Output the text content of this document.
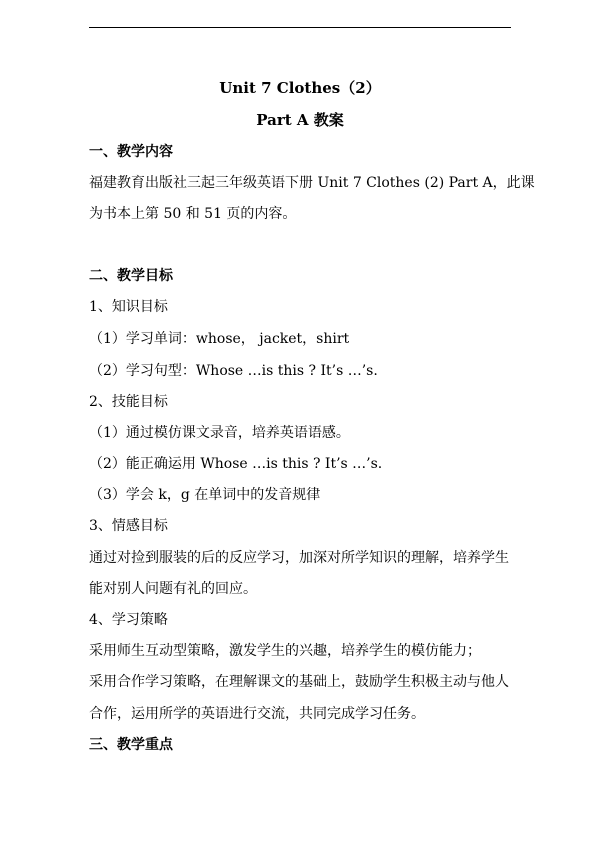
Unit 7 Clothes（2）
Part A 教案
一、教学内容
福建教育出版社三起三年级英语下册 Unit 7 Clothes (2) Part A，此课
为书本上第 50 和 51 页的内容。
二、教学目标
1、知识目标
（1）学习单词：whose， jacket，shirt
（2）学习句型：Whose …is this ? It’s …’s.
2、技能目标
（1）通过模仿课文录音，培养英语语感。
（2）能正确运用 Whose …is this ? It’s …’s.
（3）学会 k，g 在单词中的发音规律
3、情感目标
通过对捡到服装的后的反应学习，加深对所学知识的理解，培养学生
能对别人问题有礼的回应。
4、学习策略
采用师生互动型策略，激发学生的兴趣，培养学生的模仿能力；
采用合作学习策略，在理解课文的基础上，鼓励学生积极主动与他人
合作，运用所学的英语进行交流，共同完成学习任务。
三、教学重点
